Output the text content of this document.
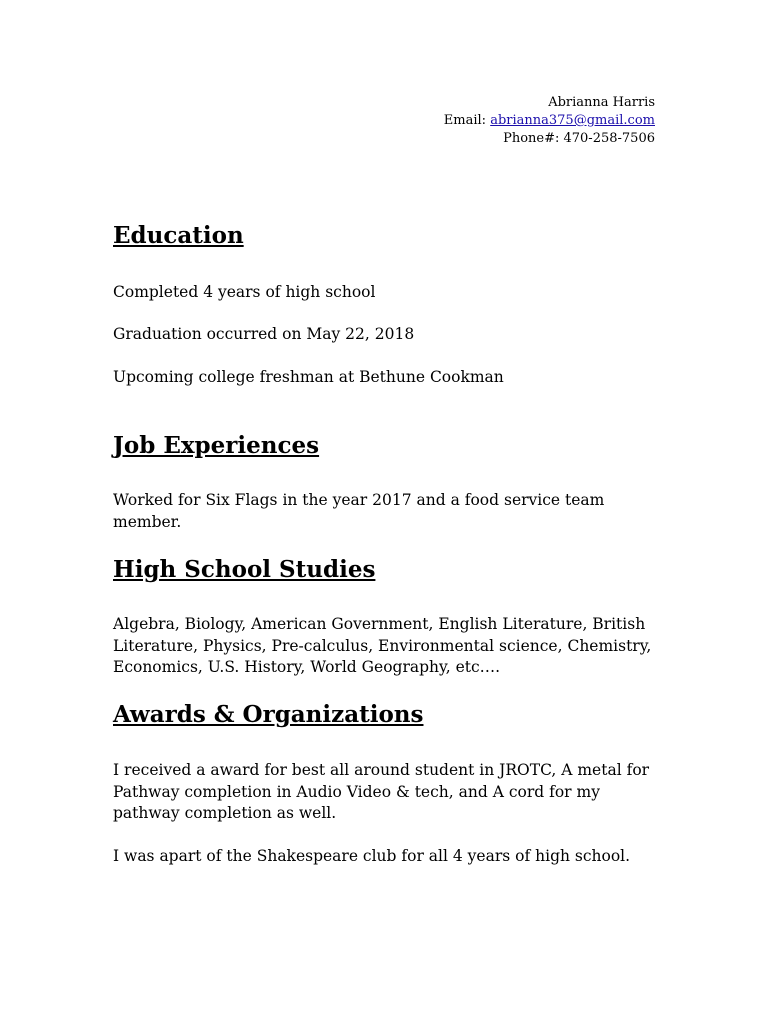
Abrianna Harris
Email: abrianna375@gmail.com
Phone#: 470-258-7506
Education

Completed 4 years of high school

Graduation occurred on May 22, 2018

Upcoming college freshman at Bethune Cookman

Job Experiences

Worked for Six Flags in the year 2017 and a food service team member.

High School Studies

Algebra, Biology, American Government, English Literature, British Literature, Physics, Pre-calculus, Environmental science, Chemistry, Economics, U.S. History, World Geography, etc….

Awards & Organizations

I received a award for best all around student in JROTC, A metal for Pathway completion in Audio Video & tech, and A cord for my pathway completion as well.

I was apart of the Shakespeare club for all 4 years of high school.
